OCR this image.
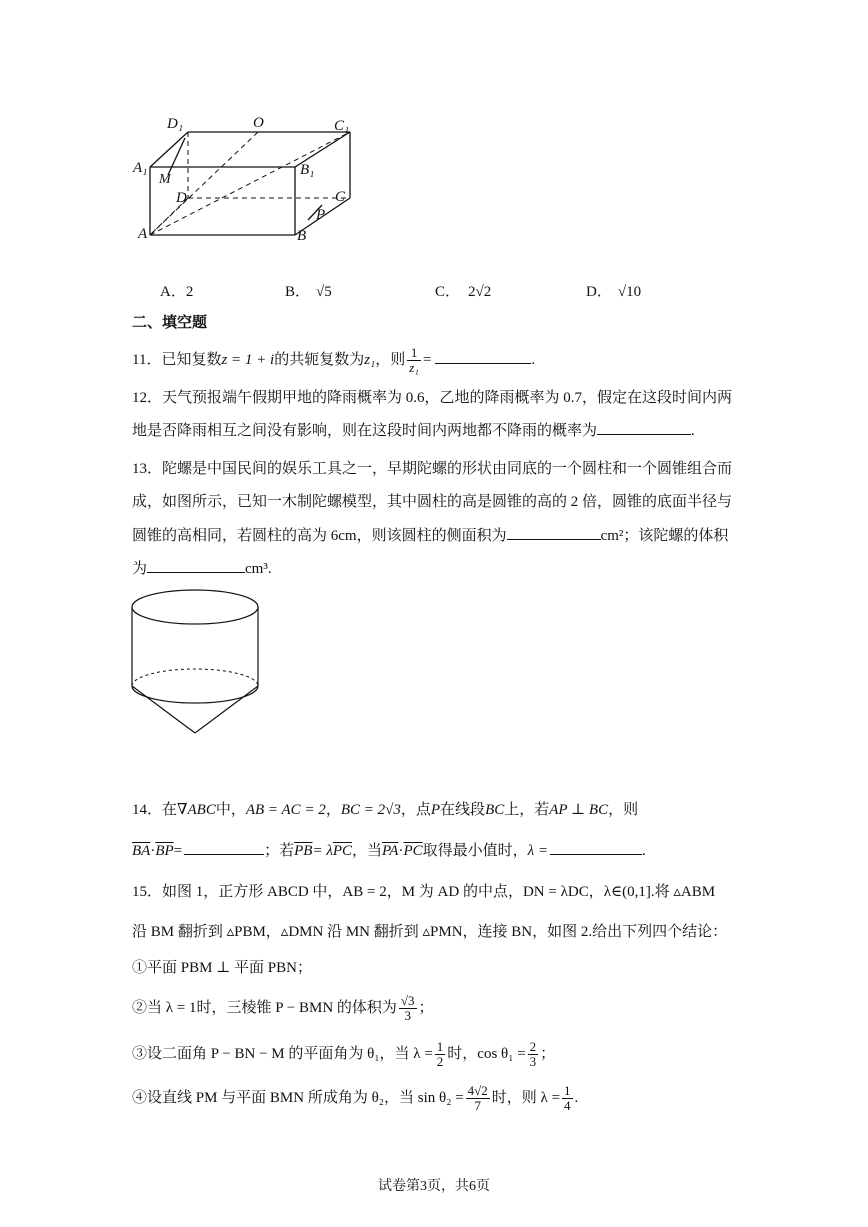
D₁	O	C₁
A₁
M
B₁
D	C
P
A	B
A．2	B． √5	C． 2√2	D． √10
二、填空题
11．已知复数z = 1 + i的共轭复数为z₁，则 $\frac{1}{\text{z₁}}$ =	.
12．天气预报端午假期甲地的降雨概率为 0.6，乙地的降雨概率为 0.7，假定在这段时间内两
地是否降雨相互之间没有影响，则在这段时间内两地都不降雨的概率为	.
13．陀螺是中国民间的娱乐工具之一，早期陀螺的形状由同底的一个圆柱和一个圆锥组合而
成，如图所示，已知一木制陀螺模型，其中圆柱的高是圆锥的高的 2 倍，圆锥的底面半径与
圆锥的高相同，若圆柱的高为 6cm，则该圆柱的侧面积为	cm²；该陀螺的体积
为	cm³.
14．在∇ABC中，AB = AC = 2，BC = 2√3，点P在线段BC上，若AP ⊥ BC，则
$\overline{BA}\cdot\overline{BP}=$	；若$\overline{PB}= \lambda\overline{PC}$，当$\overline{PA}\cdot\overline{PC}$取得最小值时，λ =	.
15．如图 1，正方形 ABCD 中，AB = 2，M 为 AD 的中点，DN = λDC，λ∈(0,1].将 ▵ABM
沿 BM 翻折到 ▵PBM，▵DMN 沿 MN 翻折到 ▵PMN，连接 BN，如图 2.给出下列四个结论：
①平面 PBM ⊥ 平面 PBN；
②当 λ = 1时，三棱锥 P − BMN 的体积为 $\frac{√3}{3}$ ；
③设二面角 P − BN − M 的平面角为 θ₁，当 $\lambda = \frac{1}{2}$ 时，$\cos \theta_1 = \frac{2}{3}$ ；
④设直线 PM 与平面 BMN 所成角为 θ₂，当 $\sin \theta_2 = \frac{4√2}{7}$ 时，则 $\lambda = \frac{1}{4}$ .
试卷第3页，共6页
